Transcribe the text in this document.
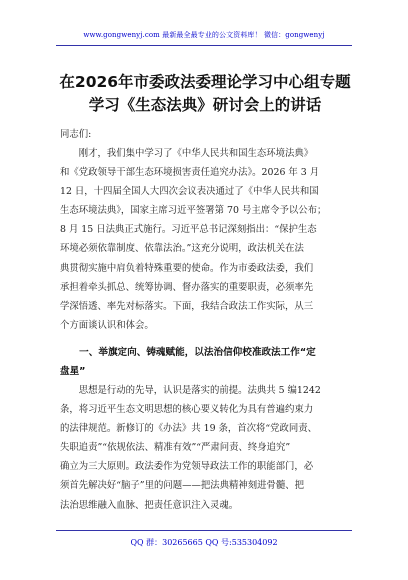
www.gongwenyj.com 最新最全最专业的公文资料库！ 微信：gongwenyj
在2026年市委政法委理论学习中心组专题
学习《生态法典》研讨会上的讲话
同志们:
　　刚才，我们集中学习了《中华人民共和国生态环境法典》
和《党政领导干部生态环境损害责任追究办法》。2026 年 3 月
12 日，十四届全国人大四次会议表决通过了《中华人民共和国
生态环境法典》，国家主席习近平签署第 70 号主席令予以公布；
8 月 15 日法典正式施行。习近平总书记深刻指出：“保护生态
环境必须依靠制度、依靠法治。”这充分说明，政法机关在法
典贯彻实施中肩负着特殊重要的使命。作为市委政法委，我们
承担着牵头抓总、统筹协调、督办落实的重要职责，必须率先
学深悟透、率先对标落实。下面，我结合政法工作实际，从三
个方面谈认识和体会。
　　一、举旗定向、铸魂赋能，以法治信仰校准政法工作“定
盘星”
　　思想是行动的先导，认识是落实的前提。法典共 5 编1242
条，将习近平生态文明思想的核心要义转化为具有普遍约束力
的法律规范。新修订的《办法》共 19 条，首次将“党政同责、
失职追责”“依规依法、精准有效”“严肃问责、终身追究”
确立为三大原则。政法委作为党领导政法工作的职能部门，必
须首先解决好“脑子”里的问题——把法典精神刻进骨髓、把
法治思维融入血脉、把责任意识注入灵魂。
QQ 群：30265665 QQ 号:535304092
